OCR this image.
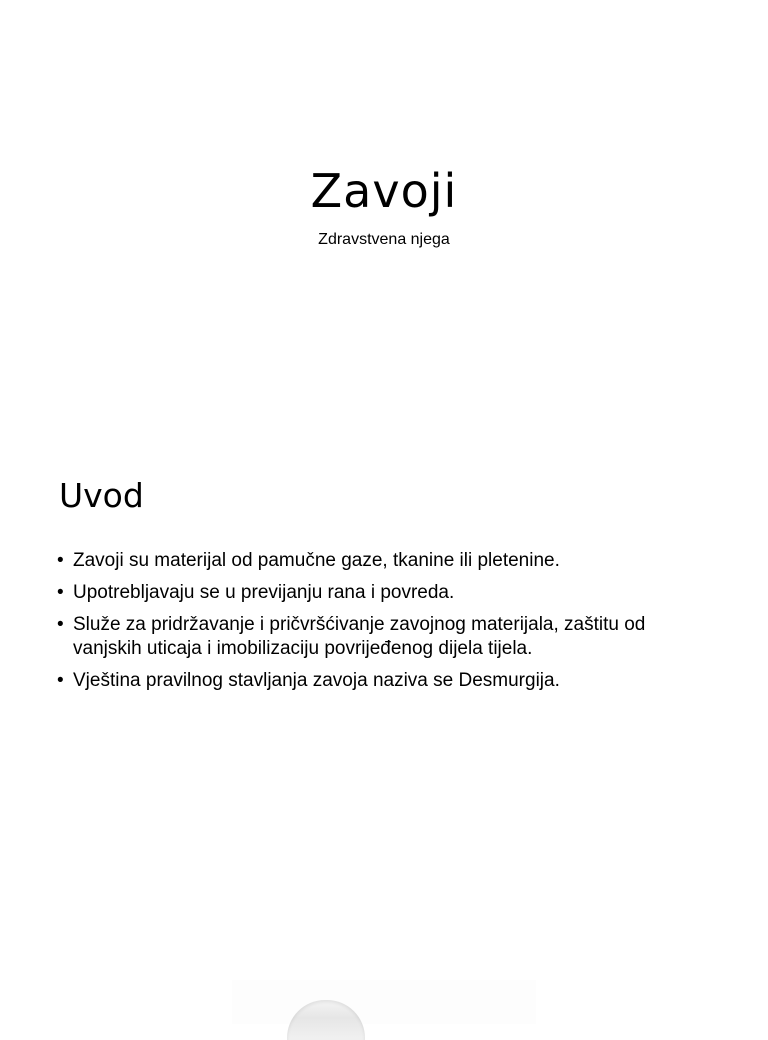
Zavoji

Zdravstvena njega

Uvod
• Zavoji su materijal od pamučne gaze, tkanine ili pletenine.
• Upotrebljavaju se u previjanju rana i povreda.
• Služe za pridržavanje i pričvršćivanje zavojnog materijala, zaštitu od vanjskih uticaja i imobilizaciju povrijeđenog dijela tijela.
• Vještina pravilnog stavljanja zavoja naziva se Desmurgija.
